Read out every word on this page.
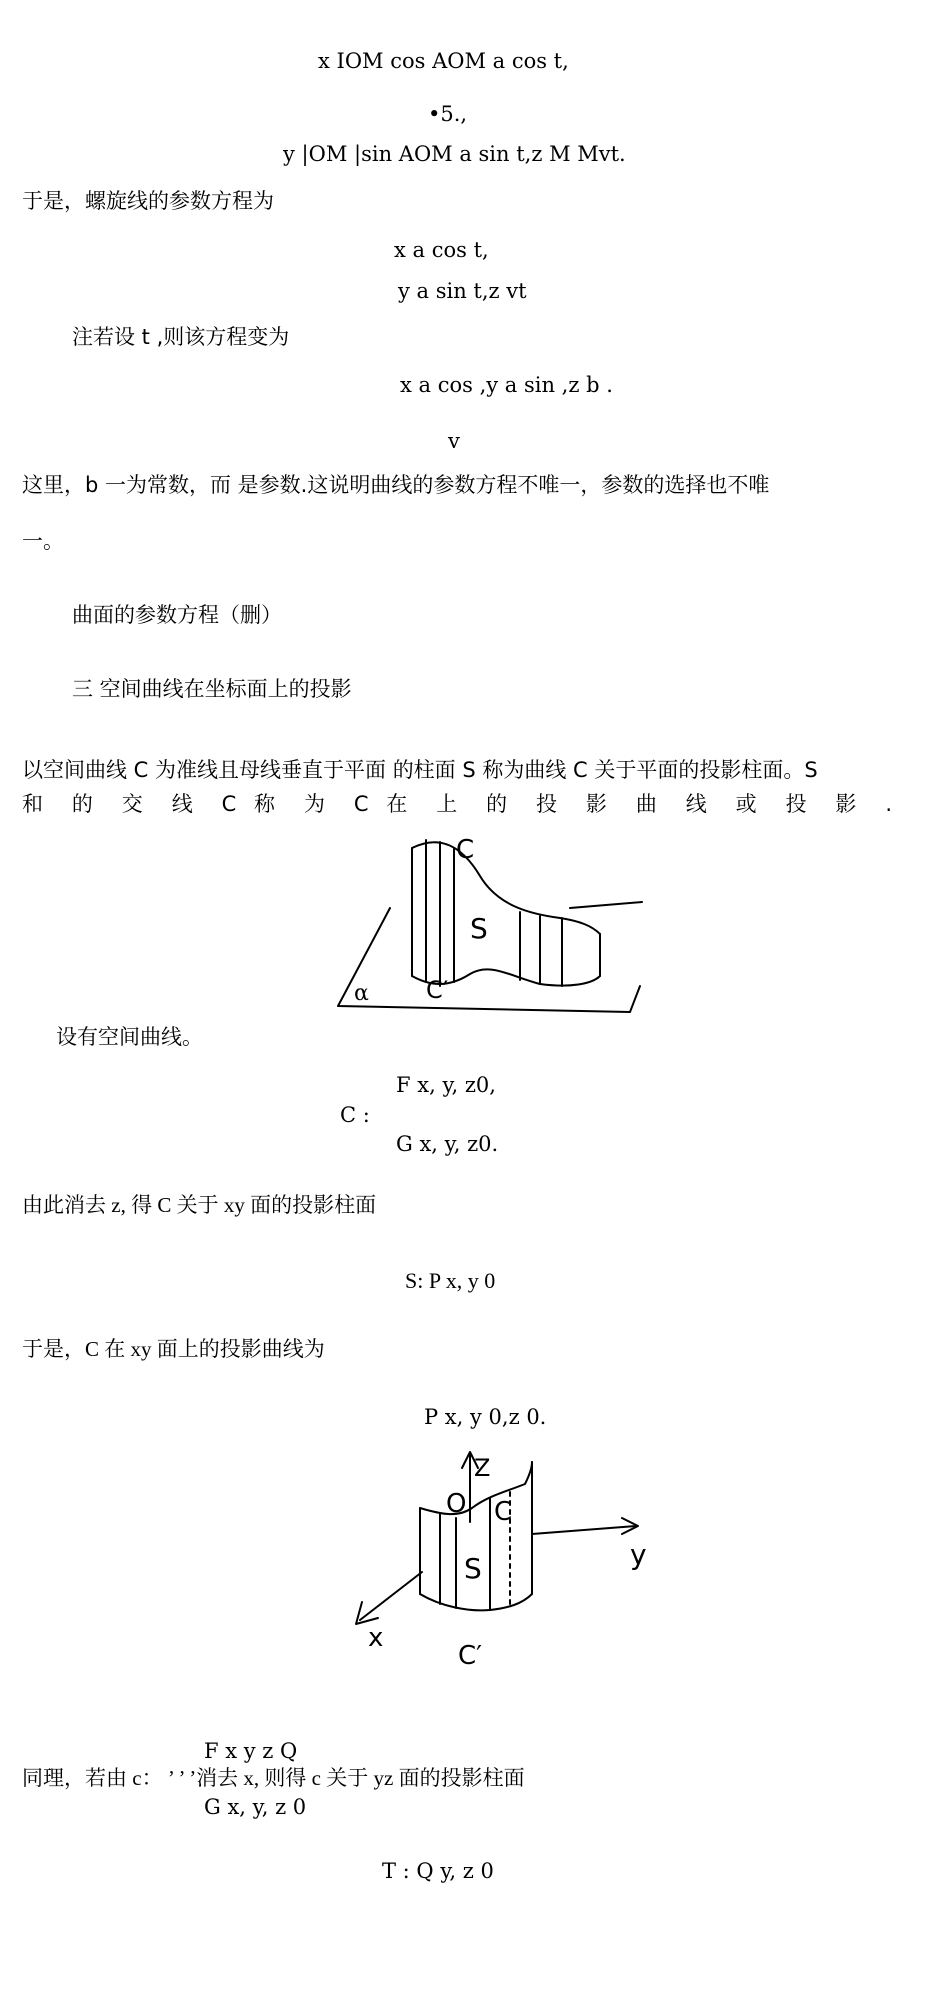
x IOM cos AOM a cos t,
•5.,
y |OM |sin AOM a sin t,z M Mvt.
于是，螺旋线的参数方程为
x a cos t,
y a sin t,z vt
注若设 t ,则该方程变为
x a cos ,y a sin ,z b .
v
这里，b 一为常数，而 是参数.这说明曲线的参数方程不唯一，参数的选择也不唯
一。
曲面的参数方程（删）
三 空间曲线在坐标面上的投影
以空间曲线 C 为准线且母线垂直于平面 的柱面 S 称为曲线 C 关于平面的投影柱面。S
和 的 交 线 C 称 为 C 在 上 的 投 影 曲 线 或 投 影 .
C
S
C′
α
设有空间曲线。
F x, y, z0,
C :
G x, y, z0.
由此消去 z, 得 C 关于 xy 面的投影柱面
S: P x, y 0
于是，C 在 xy 面上的投影曲线为
P x, y 0,z 0.
Z
O C
S	y
x
C′
F x y z Q
同理，若由 c： ’ ’ ’消去 x, 则得 c 关于 yz 面的投影柱面
G x, y, z 0
T : Q y, z 0
